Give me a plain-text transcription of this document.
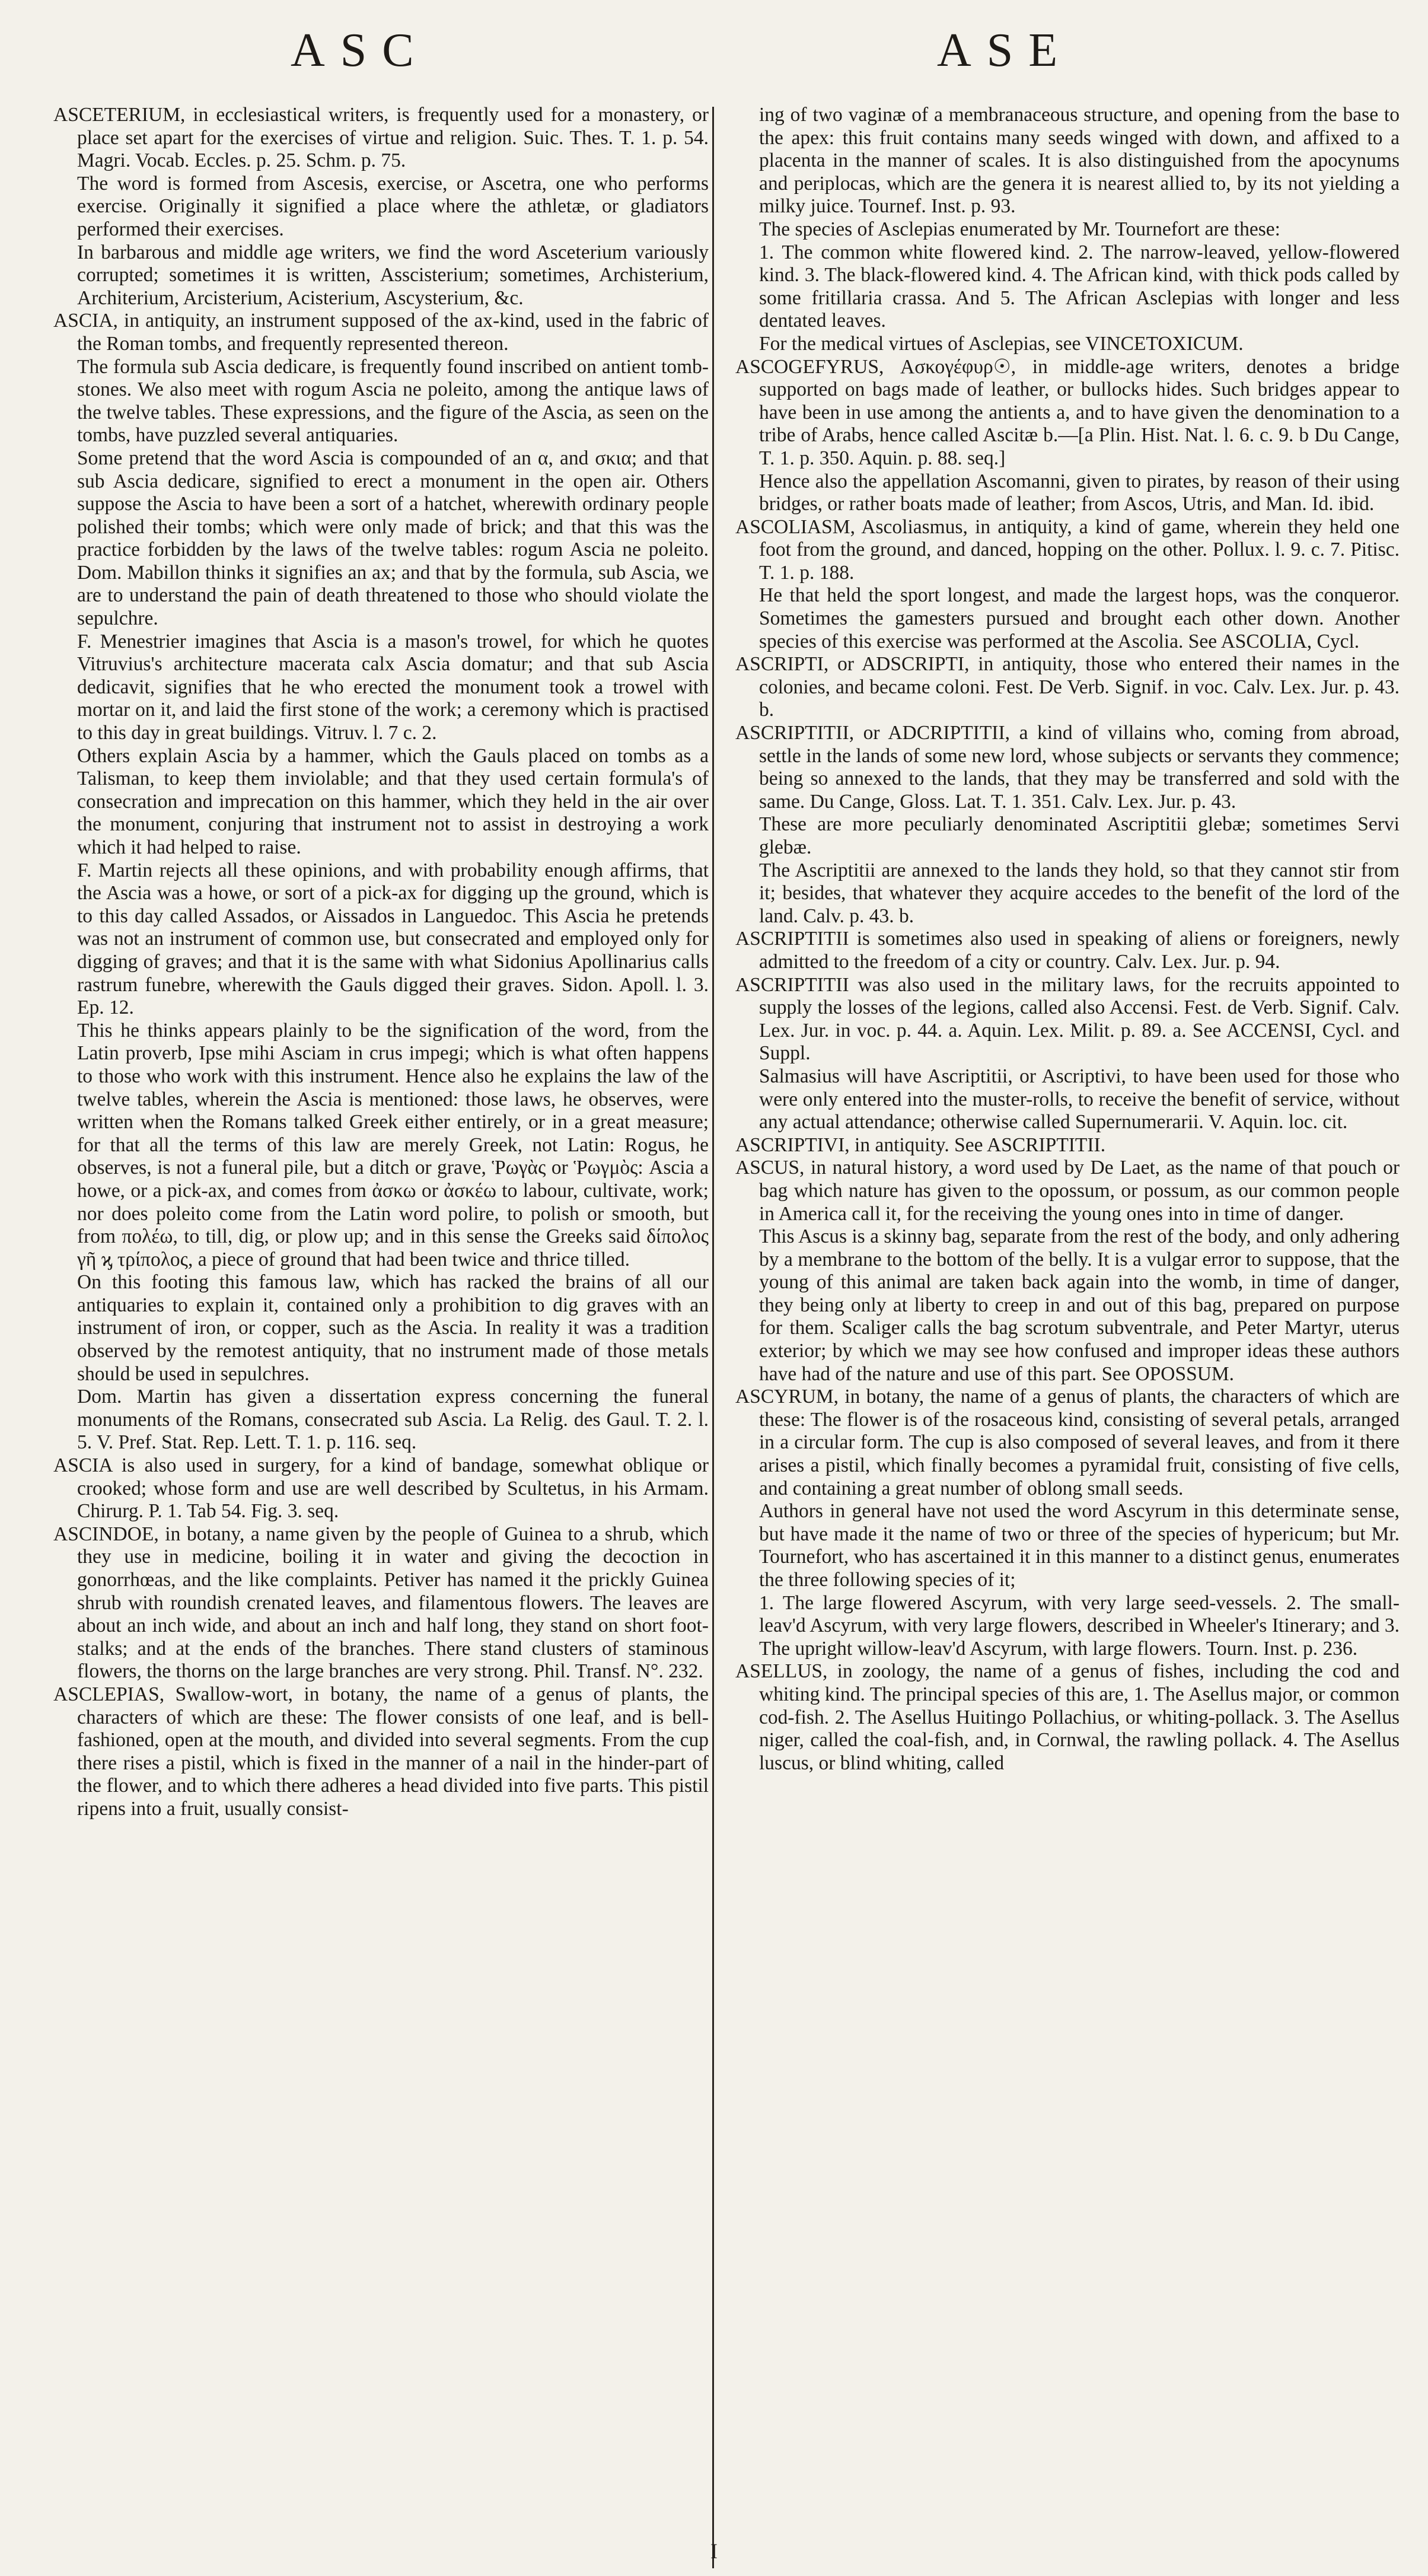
ASC	ASE

ASCETERIUM, in ecclesiastical writers, is frequently used for a monastery, or place set apart for the exercises of virtue and religion. Suic. Thes. T. 1. p. 54. Magri. Vocab. Eccles. p. 25. Schm. p. 75.

The word is formed from Ascesis, exercise, or Ascetra, one who performs exercise. Originally it signified a place where the athletæ, or gladiators performed their exercises.

In barbarous and middle age writers, we find the word Asceterium variously corrupted; sometimes it is written, Asscisterium; sometimes, Archisterium, Architerium, Arcisterium, Acisterium, Ascysterium, &c.

ASCIA, in antiquity, an instrument supposed of the ax-kind, used in the fabric of the Roman tombs, and frequently represented thereon.

The formula sub Ascia dedicare, is frequently found inscribed on antient tomb-stones. We also meet with rogum Ascia ne poleito, among the antique laws of the twelve tables. These expressions, and the figure of the Ascia, as seen on the tombs, have puzzled several antiquaries.

Some pretend that the word Ascia is compounded of an α, and σκια; and that sub Ascia dedicare, signified to erect a monument in the open air. Others suppose the Ascia to have been a sort of a hatchet, wherewith ordinary people polished their tombs; which were only made of brick; and that this was the practice forbidden by the laws of the twelve tables: rogum Ascia ne poleito. Dom. Mabillon thinks it signifies an ax; and that by the formula, sub Ascia, we are to understand the pain of death threatened to those who should violate the sepulchre.

F. Menestrier imagines that Ascia is a mason's trowel, for which he quotes Vitruvius's architecture macerata calx Ascia domatur; and that sub Ascia dedicavit, signifies that he who erected the monument took a trowel with mortar on it, and laid the first stone of the work; a ceremony which is practised to this day in great buildings. Vitruv. l. 7 c. 2.

Others explain Ascia by a hammer, which the Gauls placed on tombs as a Talisman, to keep them inviolable; and that they used certain formula's of consecration and imprecation on this hammer, which they held in the air over the monument, conjuring that instrument not to assist in destroying a work which it had helped to raise.

F. Martin rejects all these opinions, and with probability enough affirms, that the Ascia was a howe, or sort of a pick-ax for digging up the ground, which is to this day called Assados, or Aissados in Languedoc. This Ascia he pretends was not an instrument of common use, but consecrated and employed only for digging of graves; and that it is the same with what Sidonius Apollinarius calls rastrum funebre, wherewith the Gauls digged their graves. Sidon. Apoll. l. 3. Ep. 12.

This he thinks appears plainly to be the signification of the word, from the Latin proverb, Ipse mihi Asciam in crus impegi; which is what often happens to those who work with this instrument. Hence also he explains the law of the twelve tables, wherein the Ascia is mentioned: those laws, he observes, were written when the Romans talked Greek either entirely, or in a great measure; for that all the terms of this law are merely Greek, not Latin: Rogus, he observes, is not a funeral pile, but a ditch or grave, Ῥωγὰς or Ῥωγμὸς: Ascia a howe, or a pick-ax, and comes from ἀσκω or ἀσκέω to labour, cultivate, work; nor does poleito come from the Latin word polire, to polish or smooth, but from πολέω, to till, dig, or plow up; and in this sense the Greeks said δίπολος γῆ ϗ τρίπολος, a piece of ground that had been twice and thrice tilled.

On this footing this famous law, which has racked the brains of all our antiquaries to explain it, contained only a prohibition to dig graves with an instrument of iron, or copper, such as the Ascia. In reality it was a tradition observed by the remotest antiquity, that no instrument made of those metals should be used in sepulchres.

Dom. Martin has given a dissertation express concerning the funeral monuments of the Romans, consecrated sub Ascia. La Relig. des Gaul. T. 2. l. 5. V. Pref. Stat. Rep. Lett. T. 1. p. 116. seq.

ASCIA is also used in surgery, for a kind of bandage, somewhat oblique or crooked; whose form and use are well described by Scultetus, in his Armam. Chirurg. P. 1. Tab 54. Fig. 3. seq.

ASCINDOE, in botany, a name given by the people of Guinea to a shrub, which they use in medicine, boiling it in water and giving the decoction in gonorrhœas, and the like complaints. Petiver has named it the prickly Guinea shrub with roundish crenated leaves, and filamentous flowers. The leaves are about an inch wide, and about an inch and half long, they stand on short foot-stalks; and at the ends of the branches. There stand clusters of staminous flowers, the thorns on the large branches are very strong. Phil. Transf. N°. 232.

ASCLEPIAS, Swallow-wort, in botany, the name of a genus of plants, the characters of which are these: The flower consists of one leaf, and is bell-fashioned, open at the mouth, and divided into several segments. From the cup there rises a pistil, which is fixed in the manner of a nail in the hinder-part of the flower, and to which there adheres a head divided into five parts. This pistil ripens into a fruit, usually consist-

ing of two vaginæ of a membranaceous structure, and opening from the base to the apex: this fruit contains many seeds winged with down, and affixed to a placenta in the manner of scales. It is also distinguished from the apocynums and periplocas, which are the genera it is nearest allied to, by its not yielding a milky juice. Tournef. Inst. p. 93.

The species of Asclepias enumerated by Mr. Tournefort are these:

1. The common white flowered kind. 2. The narrow-leaved, yellow-flowered kind. 3. The black-flowered kind. 4. The African kind, with thick pods called by some fritillaria crassa. And 5. The African Asclepias with longer and less dentated leaves.

For the medical virtues of Asclepias, see VINCETOXICUM.

ASCOGEFYRUS, Ασκογέφυρ☉, in middle-age writers, denotes a bridge supported on bags made of leather, or bullocks hides. Such bridges appear to have been in use among the antients a, and to have given the denomination to a tribe of Arabs, hence called Ascitæ b.—[a Plin. Hist. Nat. l. 6. c. 9. b Du Cange, T. 1. p. 350. Aquin. p. 88. seq.]

Hence also the appellation Ascomanni, given to pirates, by reason of their using bridges, or rather boats made of leather; from Ascos, Utris, and Man. Id. ibid.

ASCOLIASM, Ascoliasmus, in antiquity, a kind of game, wherein they held one foot from the ground, and danced, hopping on the other. Pollux. l. 9. c. 7. Pitisc. T. 1. p. 188.

He that held the sport longest, and made the largest hops, was the conqueror. Sometimes the gamesters pursued and brought each other down. Another species of this exercise was performed at the Ascolia. See ASCOLIA, Cycl.

ASCRIPTI, or ADSCRIPTI, in antiquity, those who entered their names in the colonies, and became coloni. Fest. De Verb. Signif. in voc. Calv. Lex. Jur. p. 43. b.

ASCRIPTITII, or ADCRIPTITII, a kind of villains who, coming from abroad, settle in the lands of some new lord, whose subjects or servants they commence; being so annexed to the lands, that they may be transferred and sold with the same. Du Cange, Gloss. Lat. T. 1. 351. Calv. Lex. Jur. p. 43.

These are more peculiarly denominated Ascriptitii glebæ; sometimes Servi glebæ.

The Ascriptitii are annexed to the lands they hold, so that they cannot stir from it; besides, that whatever they acquire accedes to the benefit of the lord of the land. Calv. p. 43. b.

ASCRIPTITII is sometimes also used in speaking of aliens or foreigners, newly admitted to the freedom of a city or country. Calv. Lex. Jur. p. 94.

ASCRIPTITII was also used in the military laws, for the recruits appointed to supply the losses of the legions, called also Accensi. Fest. de Verb. Signif. Calv. Lex. Jur. in voc. p. 44. a. Aquin. Lex. Milit. p. 89. a. See ACCENSI, Cycl. and Suppl.

Salmasius will have Ascriptitii, or Ascriptivi, to have been used for those who were only entered into the muster-rolls, to receive the benefit of service, without any actual attendance; otherwise called Supernumerarii. V. Aquin. loc. cit.

ASCRIPTIVI, in antiquity. See ASCRIPTITII.

ASCUS, in natural history, a word used by De Laet, as the name of that pouch or bag which nature has given to the opossum, or possum, as our common people in America call it, for the receiving the young ones into in time of danger.

This Ascus is a skinny bag, separate from the rest of the body, and only adhering by a membrane to the bottom of the belly. It is a vulgar error to suppose, that the young of this animal are taken back again into the womb, in time of danger, they being only at liberty to creep in and out of this bag, prepared on purpose for them. Scaliger calls the bag scrotum subventrale, and Peter Martyr, uterus exterior; by which we may see how confused and improper ideas these authors have had of the nature and use of this part. See OPOSSUM.

ASCYRUM, in botany, the name of a genus of plants, the characters of which are these: The flower is of the rosaceous kind, consisting of several petals, arranged in a circular form. The cup is also composed of several leaves, and from it there arises a pistil, which finally becomes a pyramidal fruit, consisting of five cells, and containing a great number of oblong small seeds.

Authors in general have not used the word Ascyrum in this determinate sense, but have made it the name of two or three of the species of hypericum; but Mr. Tournefort, who has ascertained it in this manner to a distinct genus, enumerates the three following species of it;

1. The large flowered Ascyrum, with very large seed-vessels. 2. The small-leav'd Ascyrum, with very large flowers, described in Wheeler's Itinerary; and 3. The upright willow-leav'd Ascyrum, with large flowers. Tourn. Inst. p. 236.

ASELLUS, in zoology, the name of a genus of fishes, including the cod and whiting kind. The principal species of this are, 1. The Asellus major, or common cod-fish. 2. The Asellus Huitingo Pollachius, or whiting-pollack. 3. The Asellus niger, called the coal-fish, and, in Cornwal, the rawling pollack. 4. The Asellus luscus, or blind whiting, called

I
